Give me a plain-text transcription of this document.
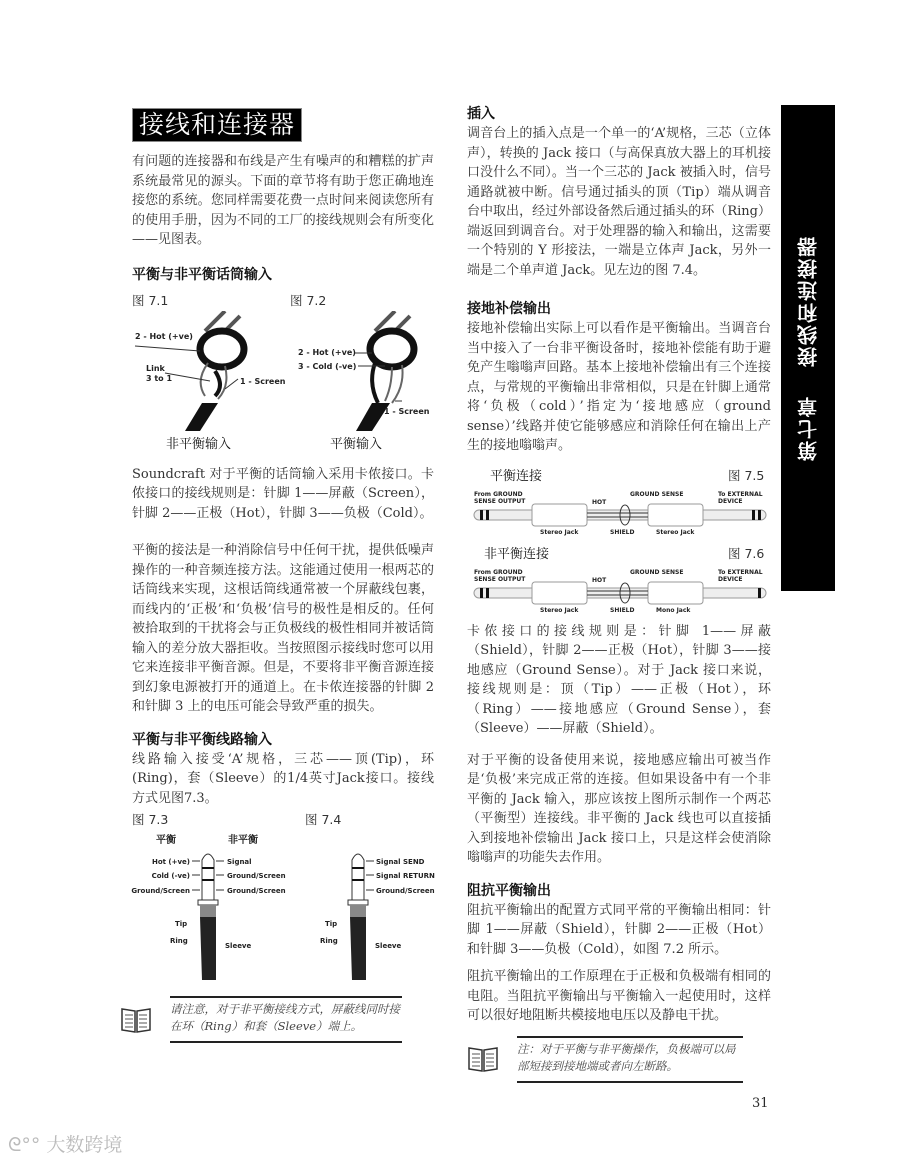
接线和连接器
有问题的连接器和布线是产生有噪声的和糟糕的扩声系统最常见的源头。下面的章节将有助于您正确地连接您的系统。您同样需要花费一点时间来阅读您所有的使用手册，因为不同的工厂的接线规则会有所变化——见图表。
平衡与非平衡话筒输入
图 7.1	图 7.2
2 - Hot (+ve)
Link
3 to 1	1 - Screen
2 - Hot (+ve)
3 - Cold (-ve)
1 - Screen
非平衡输入	平衡输入
Soundcraft 对于平衡的话筒输入采用卡侬接口。卡侬接口的接线规则是：针脚 1——屏蔽（Screen），针脚 2——正极（Hot），针脚 3——负极（Cold）。
平衡的接法是一种消除信号中任何干扰，提供低噪声操作的一种音频连接方法。这能通过使用一根两芯的话筒线来实现，这根话筒线通常被一个屏蔽线包裹，而线内的‘正极’和‘负极’信号的极性是相反的。任何被拾取到的干扰将会与正负极线的极性相同并被话筒输入的差分放大器拒收。当按照图示接线时您可以用它来连接非平衡音源。但是，不要将非平衡音源连接到幻象电源被打开的通道上。在卡侬连接器的针脚 2 和针脚 3 上的电压可能会导致严重的损失。
平衡与非平衡线路输入
线路输入接受‘A’规格，三芯——顶(Tip)，环(Ring)，套（Sleeve）的1/4英寸Jack接口。接线方式见图7.3。
图 7.3	图 7.4
平衡	非平衡
Hot (+ve)
Cold (-ve)
Ground/Screen
Signal
Ground/Screen
Ground/Screen
Tip
Ring
Sleeve
Signal SEND
Signal RETURN
Ground/Screen
Tip
Ring
Sleeve
请注意，对于非平衡接线方式，屏蔽线同时接在环（Ring）和套（Sleeve）端上。
插入
调音台上的插入点是一个单一的‘A’规格，三芯（立体声），转换的 Jack 接口（与高保真放大器上的耳机接口没什么不同）。当一个三芯的 Jack 被插入时，信号通路就被中断。信号通过插头的顶（Tip）端从调音台中取出，经过外部设备然后通过插头的环（Ring）端返回到调音台。对于处理器的输入和输出，这需要一个特别的 Y 形接法，一端是立体声 Jack，另外一端是二个单声道 Jack。见左边的图 7.4。
接地补偿输出
接地补偿输出实际上可以看作是平衡输出。当调音台当中接入了一台非平衡设备时，接地补偿能有助于避免产生嗡嗡声回路。基本上接地补偿输出有三个连接点，与常规的平衡输出非常相似，只是在针脚上通常将‘负极（cold）’指定为‘接地感应（ground sense）’线路并使它能够感应和消除任何在输出上产生的接地嗡嗡声。
平衡连接	图 7.5
From GROUND
SENSE OUTPUT	HOT
GROUND SENSE	To EXTERNAL
DEVICE
Stereo Jack	SHIELD	Stereo Jack
非平衡连接	图 7.6
From GROUND
SENSE OUTPUT	HOT
GROUND SENSE	To EXTERNAL
DEVICE
Stereo Jack	SHIELD	Mono Jack
卡侬接口的接线规则是：针脚 1——屏蔽（Shield），针脚 2——正极（Hot），针脚 3——接地感应（Ground Sense）。对于 Jack 接口来说，接线规则是：顶（Tip）——正极（Hot），环（Ring）——接地感应（Ground Sense），套（Sleeve）——屏蔽（Shield）。
对于平衡的设备使用来说，接地感应输出可被当作是‘负极’来完成正常的连接。但如果设备中有一个非平衡的 Jack 输入，那应该按上图所示制作一个两芯（平衡型）连接线。非平衡的 Jack 线也可以直接插入到接地补偿输出 Jack 接口上，只是这样会使消除嗡嗡声的功能失去作用。
阻抗平衡输出
阻抗平衡输出的配置方式同平常的平衡输出相同：针脚 1——屏蔽（Shield），针脚 2——正极（Hot）和针脚 3——负极（Cold），如图 7.2 所示。
阻抗平衡输出的工作原理在于正极和负极端有相同的电阻。当阻抗平衡输出与平衡输入一起使用时，这样可以很好地阻断共模接地电压以及静电干扰。
注：对于平衡与非平衡操作，负极端可以局部短接到接地端或者向左断路。
第七章
接线和连接器
31
ᘓ°° 大数跨境
